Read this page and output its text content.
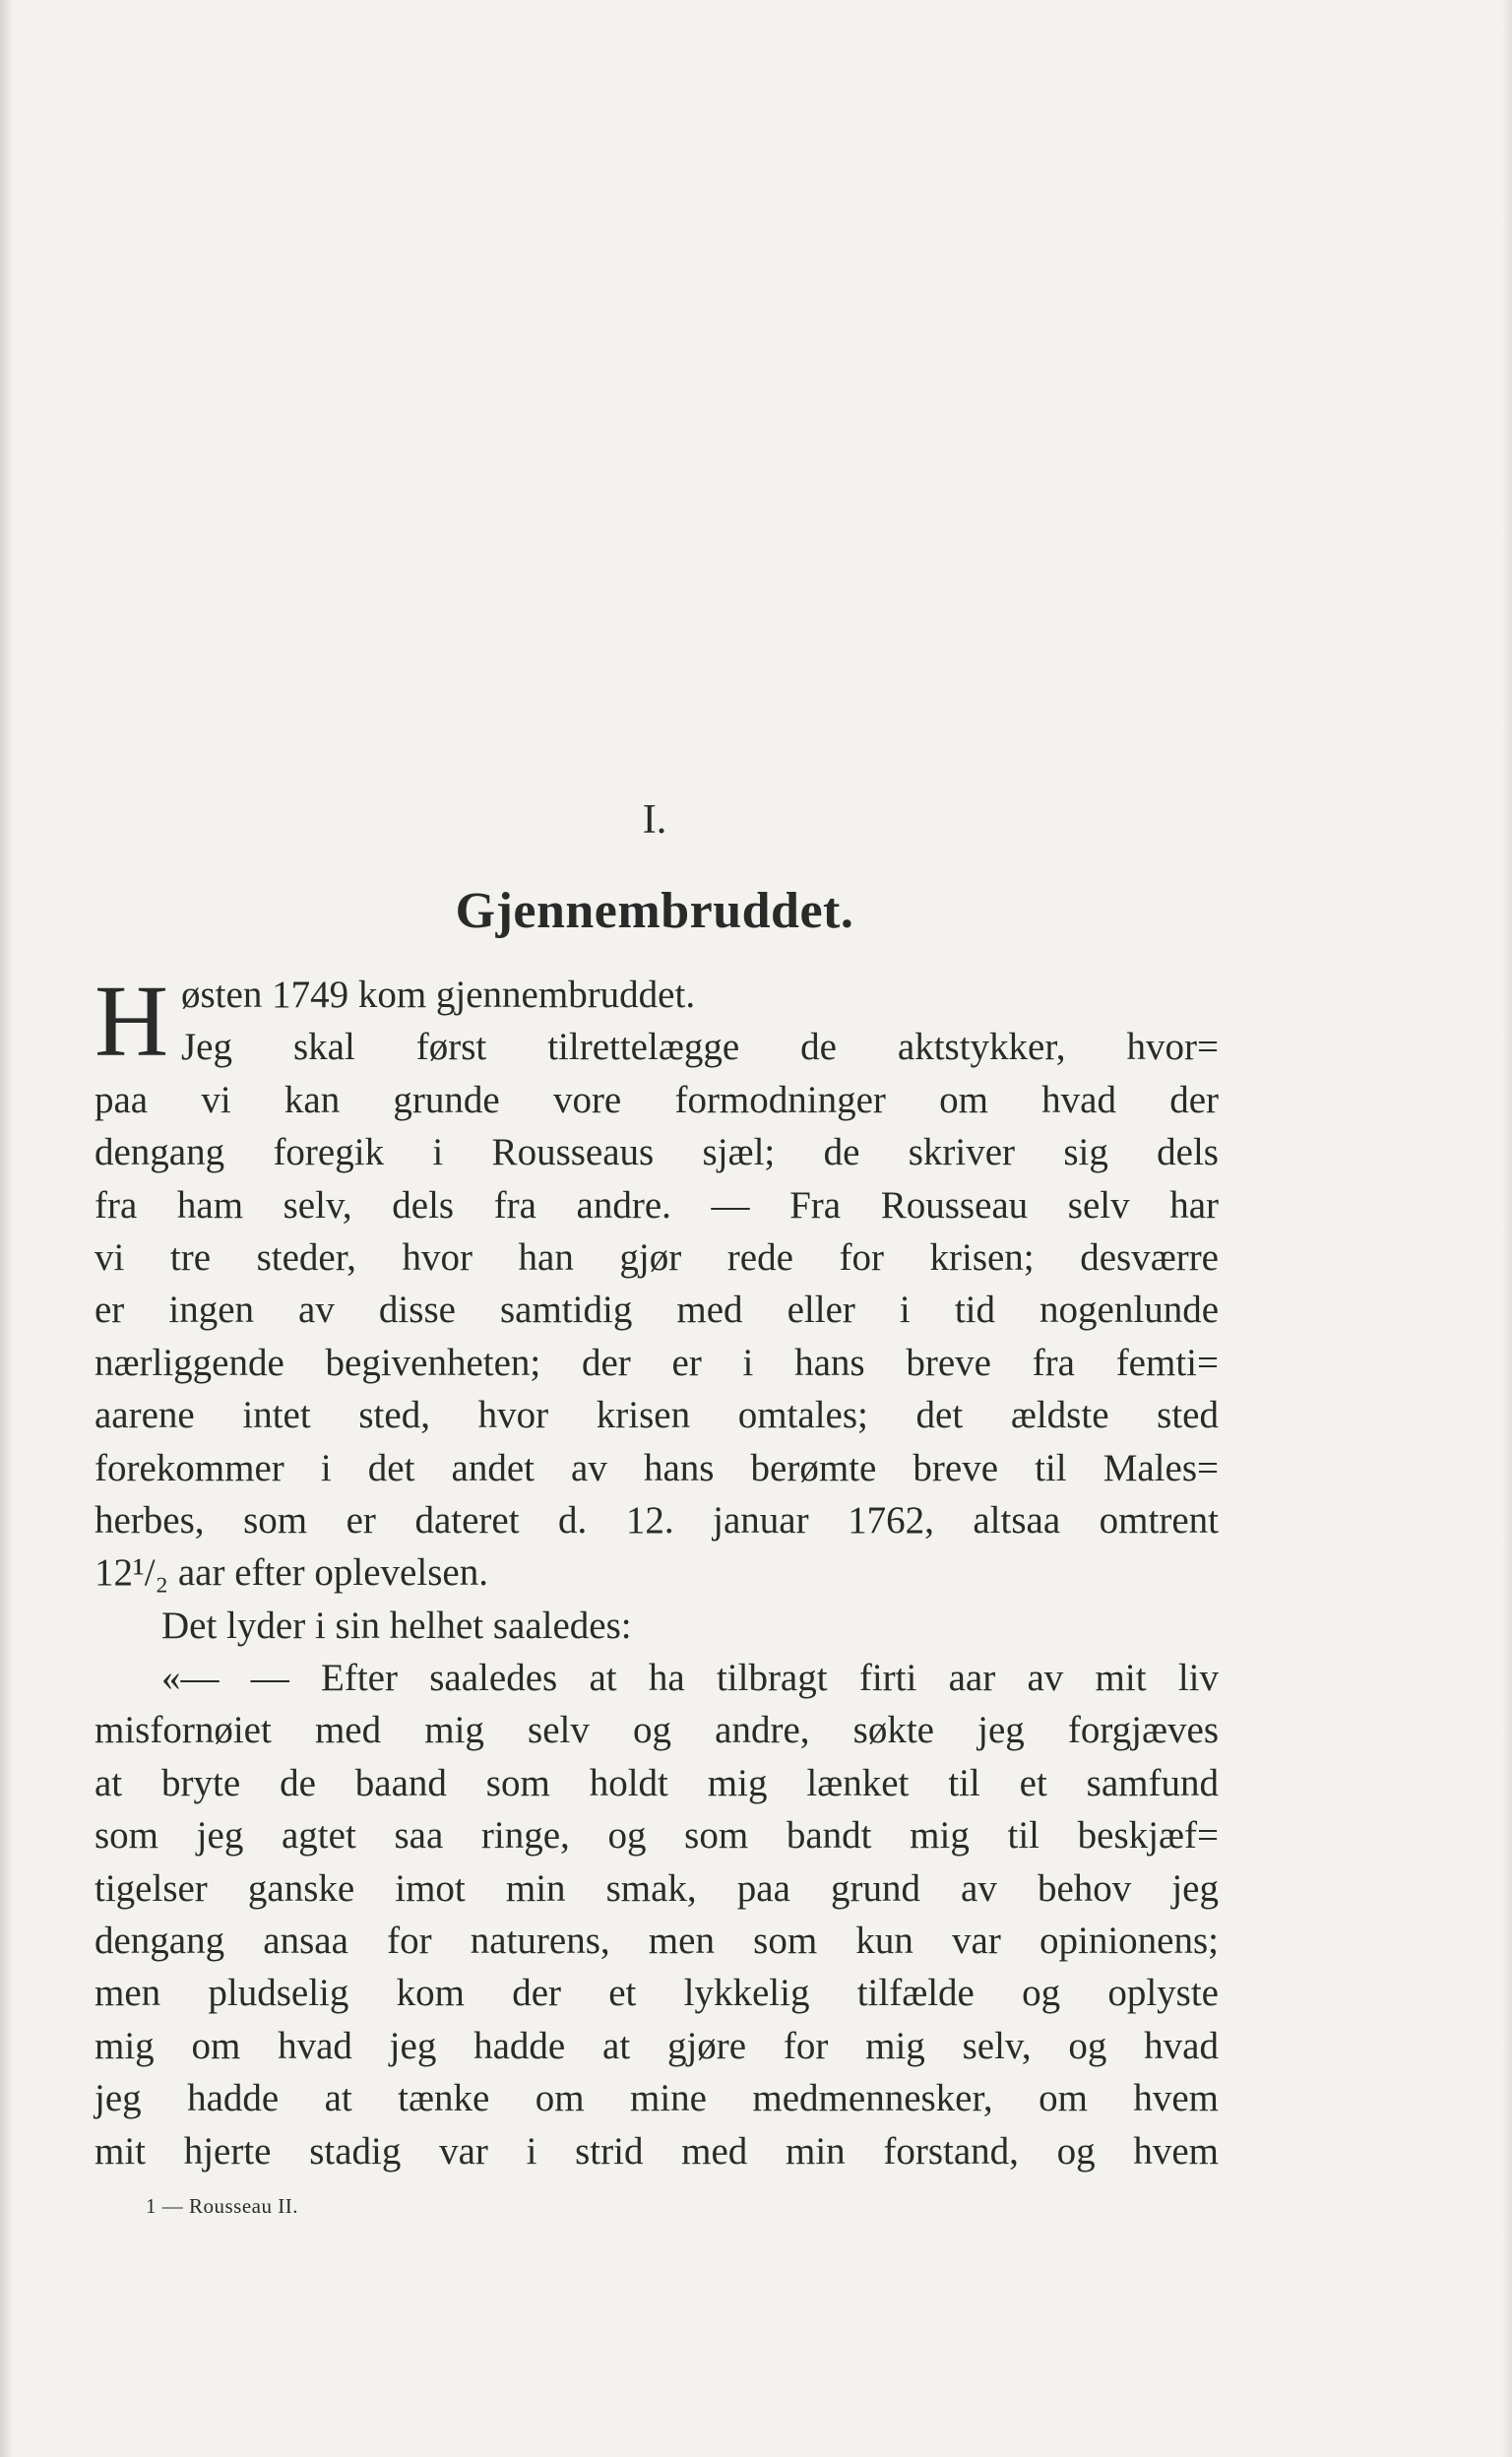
I.
Gjennembruddet.
H østen 1749 kom gjennembruddet.
Jeg skal først tilrettelægge de aktstykker, hvor=
paa vi kan grunde vore formodninger om hvad der
dengang foregik i Rousseaus sjæl; de skriver sig dels
fra ham selv, dels fra andre. — Fra Rousseau selv har
vi tre steder, hvor han gjør rede for krisen; desværre
er ingen av disse samtidig med eller i tid nogenlunde
nærliggende begivenheten; der er i hans breve fra femti=
aarene intet sted, hvor krisen omtales; det ældste sted
forekommer i det andet av hans berømte breve til Males=
herbes, som er dateret d. 12. januar 1762, altsaa omtrent
12¹/₂ aar efter oplevelsen.
Det lyder i sin helhet saaledes:
«— — Efter saaledes at ha tilbragt firti aar av mit liv
misfornøiet med mig selv og andre, søkte jeg forgjæves
at bryte de baand som holdt mig lænket til et samfund
som jeg agtet saa ringe, og som bandt mig til beskjæf=
tigelser ganske imot min smak, paa grund av behov jeg
dengang ansaa for naturens, men som kun var opinionens;
men pludselig kom der et lykkelig tilfælde og oplyste
mig om hvad jeg hadde at gjøre for mig selv, og hvad
jeg hadde at tænke om mine medmennesker, om hvem
mit hjerte stadig var i strid med min forstand, og hvem
1 — Rousseau II.
